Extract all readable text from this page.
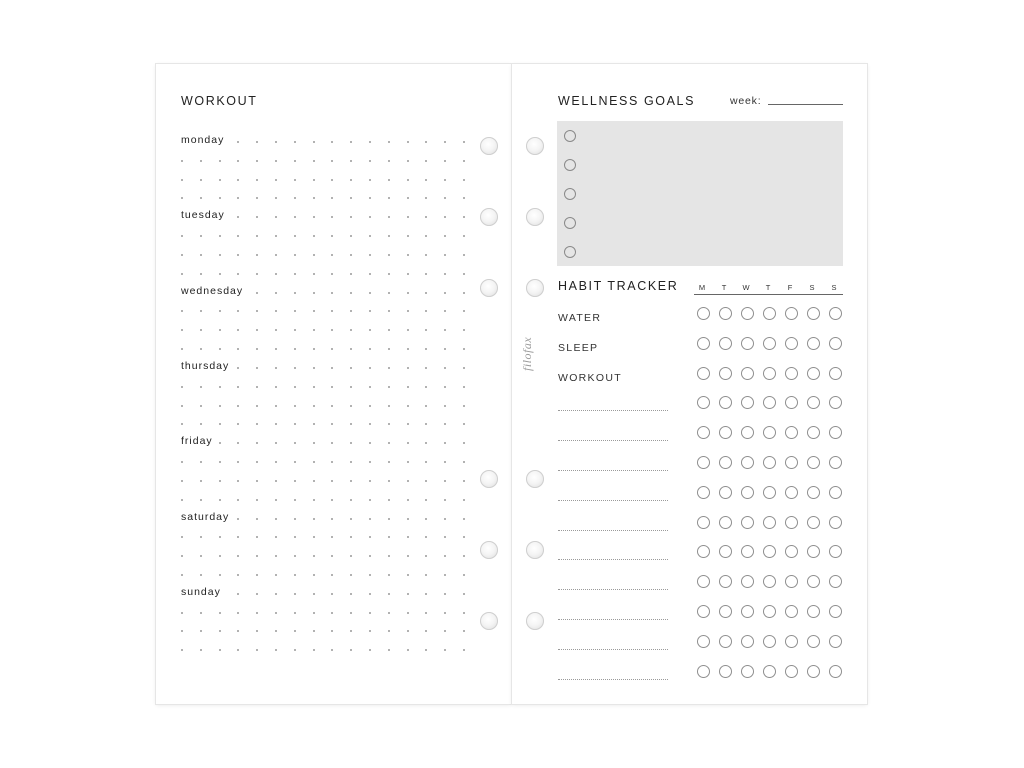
WORKOUT
monday
tuesday
wednesday
thursday
friday
saturday
sunday
WELLNESS GOALS	week:
HABIT TRACKER	M	T	W	T	F	S	S
WATER
SLEEP
WORKOUT
filofax
